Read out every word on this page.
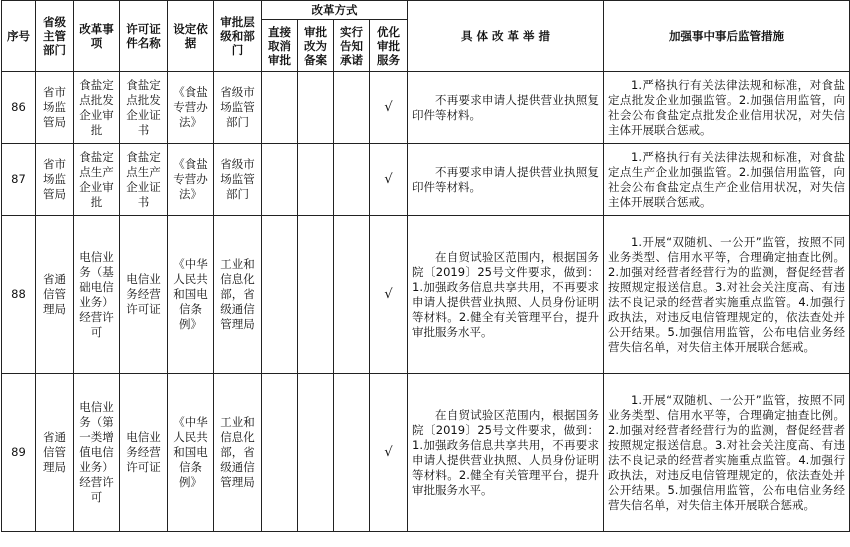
序号	省级主管部门	改革事项	许可证件名称	设定依据	审批层级和部门	改革方式				具 体 改 革 举 措	加强事中事后监管措施
						直接取消审批	审批改为备案	实行告知承诺	优化审批服务		
86	省市场监管局	食盐定点批发企业审批	食盐定点批发企业证书	《食盐专营办法》	省级市场监管部门				√	不再要求申请人提供营业执照复印件等材料。	1.严格执行有关法律法规和标准，对食盐定点批发企业加强监管。2.加强信用监管，向社会公布食盐定点批发企业信用状况，对失信主体开展联合惩戒。

87	省市场监管局	食盐定点生产企业审批	食盐定点生产企业证书	《食盐专营办法》	省级市场监管部门				√	不再要求申请人提供营业执照复印件等材料。	1.严格执行有关法律法规和标准，对食盐定点生产企业加强监管。2.加强信用监管，向社会公布食盐定点生产企业信用状况，对失信主体开展联合惩戒。

88	省通信管理局	电信业务（基础电信业务）经营许可	电信业务经营许可证	《中华人民共和国电信条例》	工业和信息化部，省级通信管理局				√	在自贸试验区范围内，根据国务院〔2019〕25号文件要求，做到：1.加强政务信息共享共用，不再要求申请人提供营业执照、人员身份证明等材料。2.健全有关管理平台，提升审批服务水平。	1.开展“双随机、一公开”监管，按照不同业务类型、信用水平等，合理确定抽查比例。2.加强对经营者经营行为的监测，督促经营者按照规定报送信息。3.对社会关注度高、有违法不良记录的经营者实施重点监管。4.加强行政执法，对违反电信管理规定的，依法查处并公开结果。5.加强信用监管，公布电信业务经营失信名单，对失信主体开展联合惩戒。

89	省通信管理局	电信业务（第一类增值电信业务）经营许可	电信业务经营许可证	《中华人民共和国电信条例》	工业和信息化部，省级通信管理局				√	在自贸试验区范围内，根据国务院〔2019〕25号文件要求，做到：1.加强政务信息共享共用，不再要求申请人提供营业执照、人员身份证明等材料。2.健全有关管理平台，提升审批服务水平。	1.开展“双随机、一公开”监管，按照不同业务类型、信用水平等，合理确定抽查比例。2.加强对经营者经营行为的监测，督促经营者按照规定报送信息。3.对社会关注度高、有违法不良记录的经营者实施重点监管。4.加强行政执法，对违反电信管理规定的，依法查处并公开结果。5.加强信用监管，公布电信业务经营失信名单，对失信主体开展联合惩戒。
